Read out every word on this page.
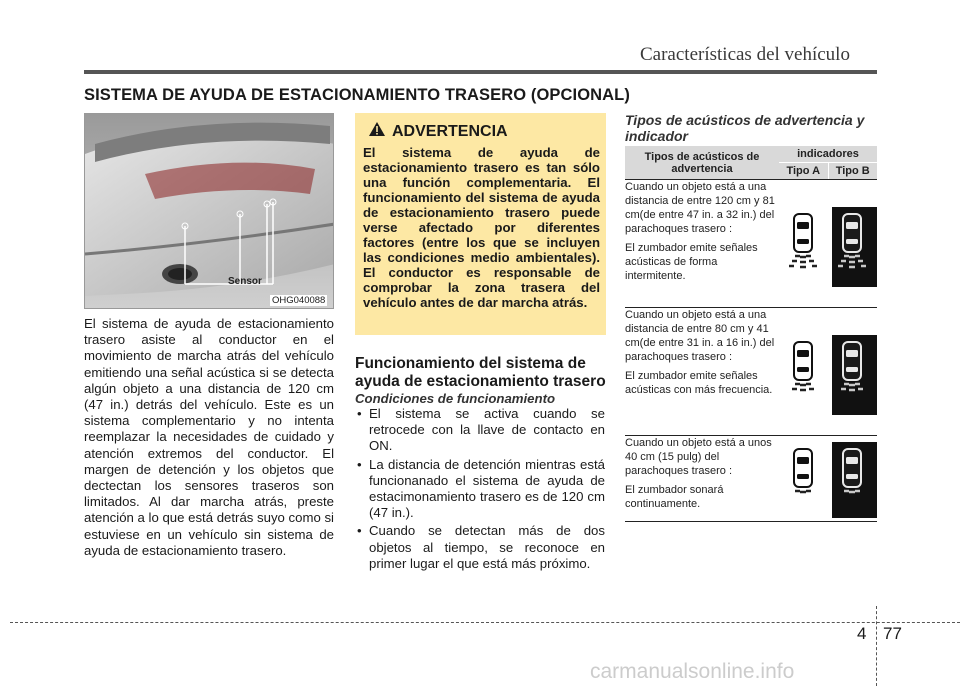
Características del vehículo
SISTEMA DE AYUDA DE ESTACIONAMIENTO TRASERO (OPCIONAL)
Sensor
OHG040088
El sistema de ayuda de estacionamiento trasero asiste al conductor en el movimiento de marcha atrás del vehículo emitiendo una señal acústica si se detecta algún objeto a una distancia de 120 cm (47 in.) detrás del vehículo. Este es un sistema complementario y no intenta reemplazar la necesidades de cuidado y atención extremos del conductor. El margen de detención y los objetos que dectectan los sensores traseros son limitados. Al dar marcha atrás, preste atención a lo que está detrás suyo como si estuviese en un vehículo sin sistema de ayuda de estacionamiento trasero.
ADVERTENCIA
El sistema de ayuda de estacionamiento trasero es tan sólo una función complementaria. El funcionamiento del sistema de ayuda de estacionamiento trasero puede verse afectado por diferentes factores (entre los que se incluyen las condiciones medio ambientales). El conductor es responsable de comprobar la zona trasera del vehículo antes de dar marcha atrás.
Funcionamiento del sistema de ayuda de estacionamiento trasero
Condiciones de funcionamiento
• El sistema se activa cuando se retrocede con la llave de contacto en ON.
• La distancia de detención mientras está funcionanado el sistema de ayuda de estacimonamiento trasero es de 120 cm (47 in.).
• Cuando se detectan más de dos objetos al tiempo, se reconoce en primer lugar el que está más próximo.
Tipos de acústicos de advertencia y indicador
Tipos de acústicos de advertencia	indicadores	
	Tipo A	Tipo B

Cuando un objeto está a una distancia de entre 120 cm y 81 cm(de entre 47 in. a 32 in.) del parachoques trasero :

El zumbador emite señales acústicas de forma intermitente.

Cuando un objeto está a una distancia de entre 80 cm y 41 cm(de entre 31 in. a 16 in.) del parachoques trasero :

El zumbador emite señales acústicas con más frecuencia.

Cuando un objeto está a unos 40 cm (15 pulg) del parachoques trasero :

El zumbador sonará continuamente.

4 77
carmanualsonline.info
